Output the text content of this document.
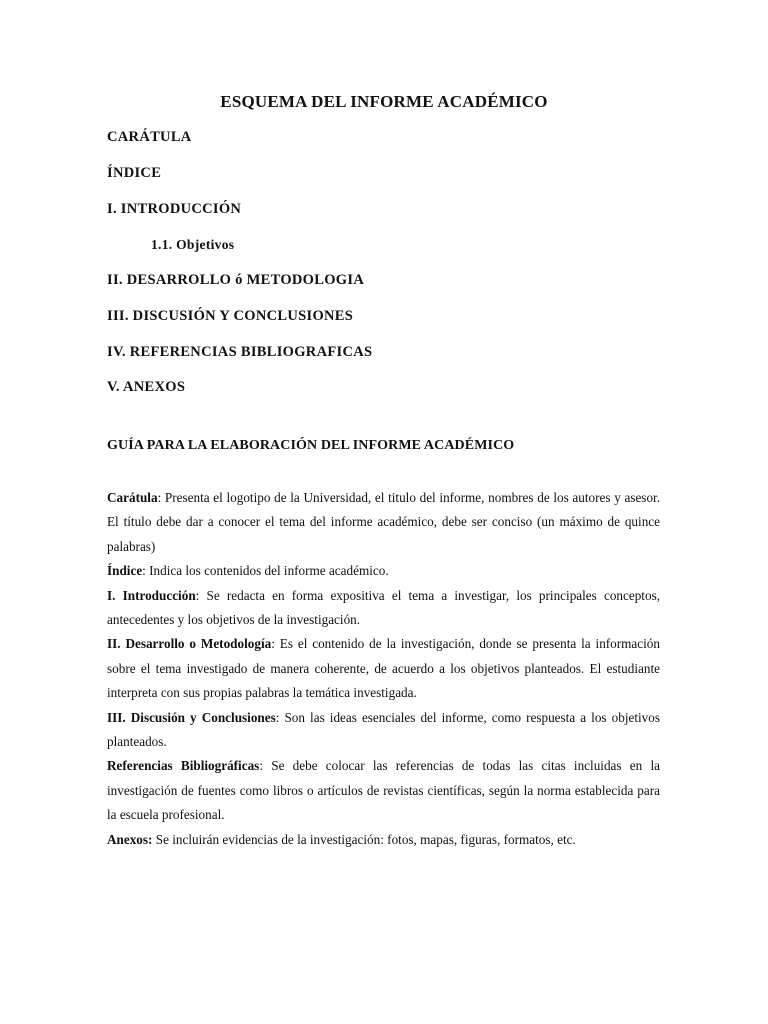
ESQUEMA DEL INFORME ACADÉMICO
CARÁTULA
ÍNDICE
I. INTRODUCCIÓN
1.1. Objetivos
II. DESARROLLO ó METODOLOGIA
III. DISCUSIÓN Y CONCLUSIONES
IV. REFERENCIAS BIBLIOGRAFICAS
V. ANEXOS
GUÍA PARA LA ELABORACIÓN DEL INFORME ACADÉMICO

Carátula: Presenta el logotipo de la Universidad, el titulo del informe, nombres de los autores y asesor. El título debe dar a conocer el tema del informe académico, debe ser conciso (un máximo de quince palabras)

Índice: Indica los contenidos del informe académico.

I. Introducción: Se redacta en forma expositiva el tema a investigar, los principales conceptos, antecedentes y los objetivos de la investigación.

II. Desarrollo o Metodología: Es el contenido de la investigación, donde se presenta la información sobre el tema investigado de manera coherente, de acuerdo a los objetivos planteados. El estudiante interpreta con sus propias palabras la temática investigada.

III. Discusión y Conclusiones: Son las ideas esenciales del informe, como respuesta a los objetivos planteados.

Referencias Bibliográficas: Se debe colocar las referencias de todas las citas incluidas en la investigación de fuentes como libros o artículos de revistas científicas, según la norma establecida para la escuela profesional.

Anexos: Se incluirán evidencias de la investigación: fotos, mapas, figuras, formatos, etc.
